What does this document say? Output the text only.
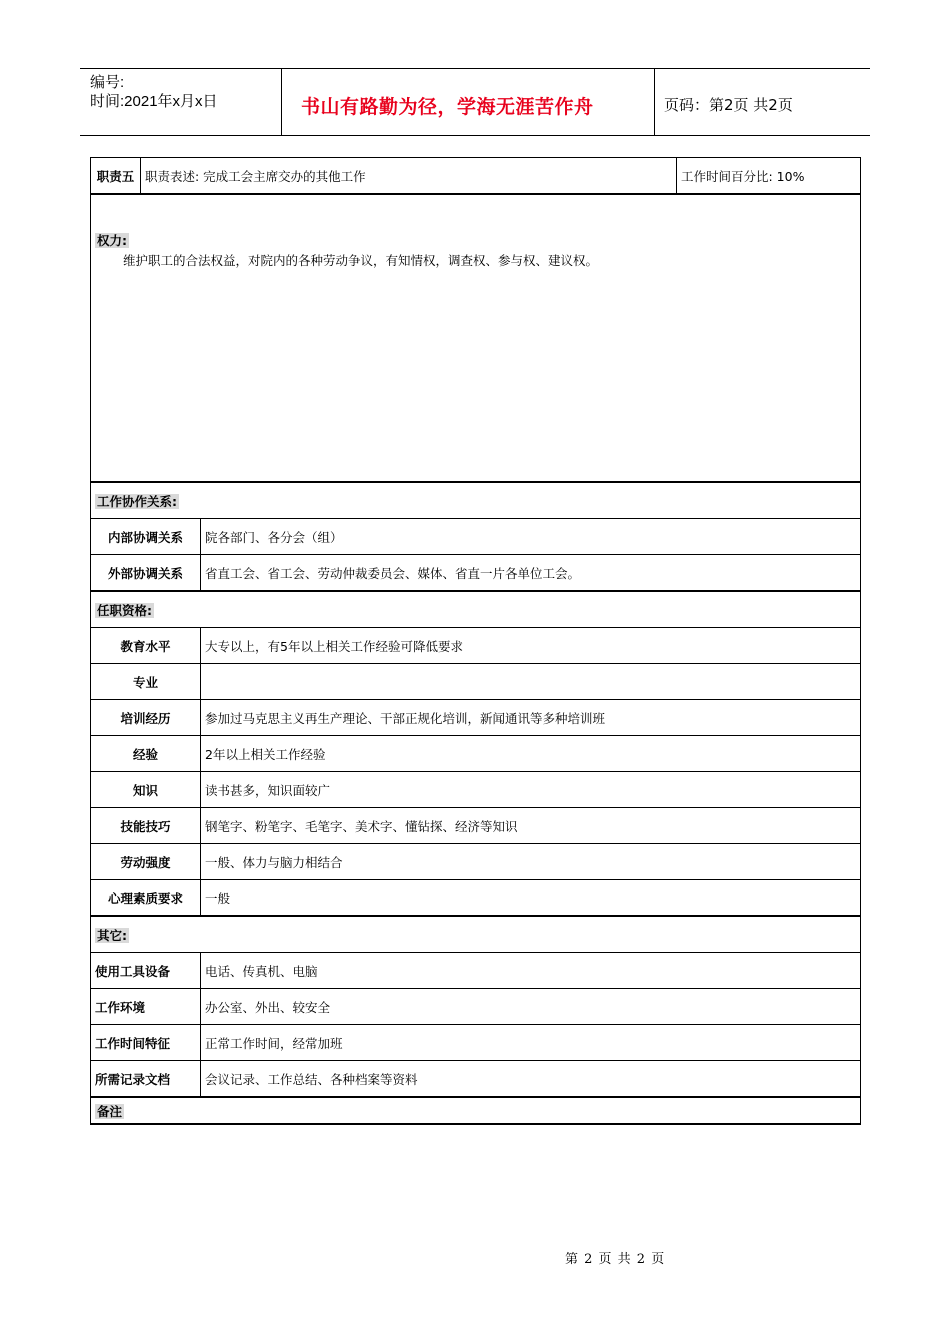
编号:
时间:2021年x月x日	书山有路勤为径，学海无涯苦作舟	页码：第2页 共2页
职责五	职责表述: 完成工会主席交办的其他工作		工作时间百分比: 10%
权力:
维护职工的合法权益，对院内的各种劳动争议，有知情权，调查权、参与权、建议权。			

工作协作关系:			
内部协调关系		院各部门、各分会（组）	
外部协调关系		省直工会、省工会、劳动仲裁委员会、媒体、省直一片各单位工会。	
任职资格:			
教育水平		大专以上，有5年以上相关工作经验可降低要求	
专业			
培训经历		参加过马克思主义再生产理论、干部正规化培训，新闻通讯等多种培训班	
经验		2年以上相关工作经验	
知识		读书甚多，知识面较广	
技能技巧		钢笔字、粉笔字、毛笔字、美术字、懂钻探、经济等知识	
劳动强度		一般、体力与脑力相结合	
心理素质要求		一般	
其它:			
使用工具设备		电话、传真机、电脑	
工作环境		办公室、外出、较安全	
工作时间特征		正常工作时间，经常加班	
所需记录文档		会议记录、工作总结、各种档案等资料	
备注			
第 2 页 共 2 页
